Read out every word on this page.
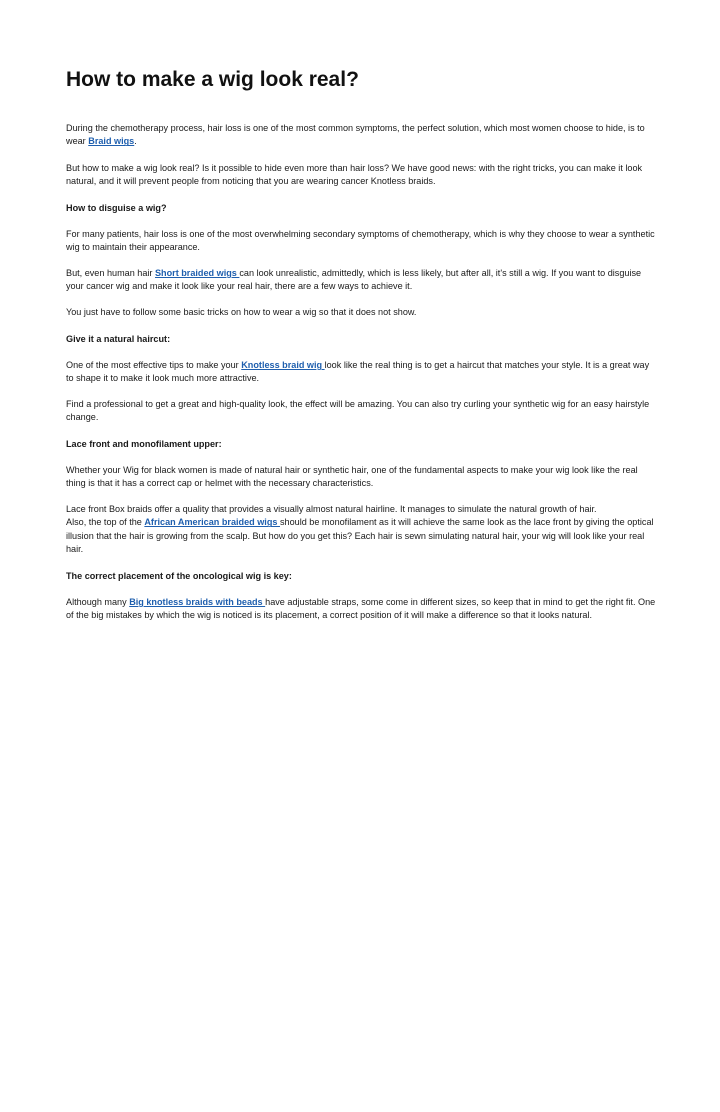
How to make a wig look real?

During the chemotherapy process, hair loss is one of the most common symptoms, the perfect solution, which most women choose to hide, is to wear Braid wigs.

But how to make a wig look real? Is it possible to hide even more than hair loss? We have good news: with the right tricks, you can make it look natural, and it will prevent people from noticing that you are wearing cancer Knotless braids.

How to disguise a wig?

For many patients, hair loss is one of the most overwhelming secondary symptoms of chemotherapy, which is why they choose to wear a synthetic wig to maintain their appearance.

But, even human hair Short braided wigs can look unrealistic, admittedly, which is less likely, but after all, it's still a wig. If you want to disguise your cancer wig and make it look like your real hair, there are a few ways to achieve it.

You just have to follow some basic tricks on how to wear a wig so that it does not show.

Give it a natural haircut:

One of the most effective tips to make your Knotless braid wig look like the real thing is to get a haircut that matches your style. It is a great way to shape it to make it look much more attractive.

Find a professional to get a great and high-quality look, the effect will be amazing. You can also try curling your synthetic wig for an easy hairstyle change.

Lace front and monofilament upper:

Whether your Wig for black women is made of natural hair or synthetic hair, one of the fundamental aspects to make your wig look like the real thing is that it has a correct cap or helmet with the necessary characteristics.

Lace front Box braids offer a quality that provides a visually almost natural hairline. It manages to simulate the natural growth of hair.

Also, the top of the African American braided wigs should be monofilament as it will achieve the same look as the lace front by giving the optical illusion that the hair is growing from the scalp. But how do you get this? Each hair is sewn simulating natural hair, your wig will look like your real hair.

The correct placement of the oncological wig is key:

Although many Big knotless braids with beads have adjustable straps, some come in different sizes, so keep that in mind to get the right fit. One of the big mistakes by which the wig is noticed is its placement, a correct position of it will make a difference so that it looks natural.
